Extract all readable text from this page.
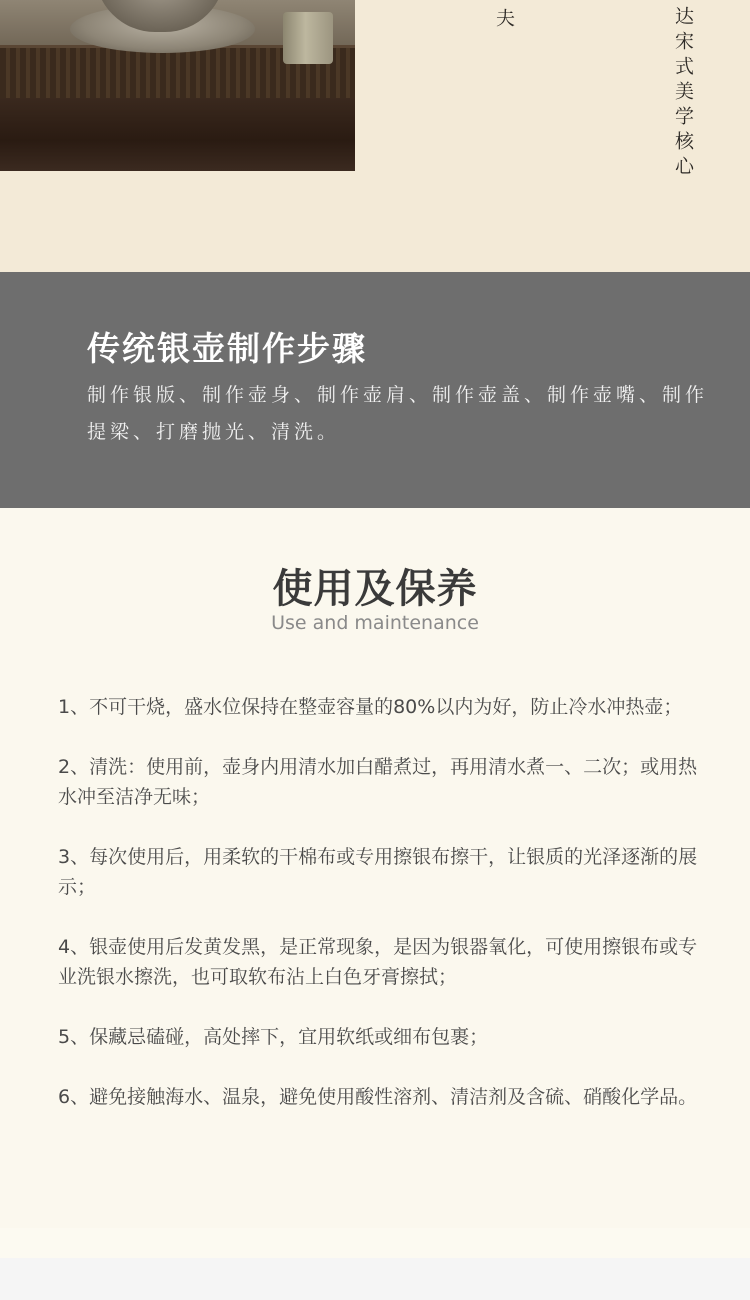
夫	达宋式美学核心
传统银壶制作步骤

制作银版、制作壶身、制作壶肩、制作壶盖、制作壶嘴、制作提梁、打磨抛光、清洗。

使用及保养
Use and maintenance
1、不可干烧，盛水位保持在整壶容量的80%以内为好，防止冷水冲热壶；
2、清洗：使用前，壶身内用清水加白醋煮过，再用清水煮一、二次；或用热水冲至洁净无味；
3、每次使用后，用柔软的干棉布或专用擦银布擦干，让银质的光泽逐渐的展示；
4、银壶使用后发黄发黑，是正常现象，是因为银器氧化，可使用擦银布或专业洗银水擦洗，也可取软布沾上白色牙膏擦拭；
5、保藏忌磕碰，高处摔下，宜用软纸或细布包裹；
6、避免接触海水、温泉，避免使用酸性溶剂、清洁剂及含硫、硝酸化学品。
